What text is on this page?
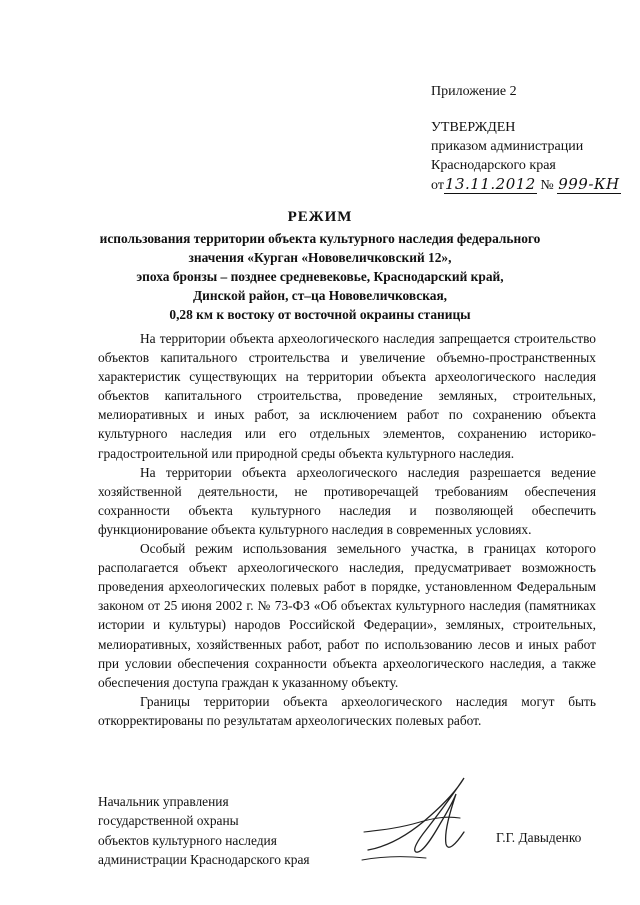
Приложение 2
УТВЕРЖДЕН
приказом администрации
Краснодарского края
от13.11.2012 № 999-КН
РЕЖИМ
использования территории объекта культурного наследия федерального
значения «Курган «Нововеличковский 12»,
эпоха бронзы – позднее средневековье, Краснодарский край,
Динской район, ст–ца Нововеличковская,
0,28 км к востоку от восточной окраины станицы

На территории объекта археологического наследия запрещается строительство объектов капитального строительства и увеличение объемно-пространственных характеристик существующих на территории объекта археологического наследия объектов капитального строительства, проведение земляных, строительных, мелиоративных и иных работ, за исключением работ по сохранению объекта культурного наследия или его отдельных элементов, сохранению историко-градостроительной или природной среды объекта культурного наследия.

На территории объекта археологического наследия разрешается ведение хозяйственной деятельности, не противоречащей требованиям обеспечения сохранности объекта культурного наследия и позволяющей обеспечить функционирование объекта культурного наследия в современных условиях.

Особый режим использования земельного участка, в границах которого располагается объект археологического наследия, предусматривает возможность проведения археологических полевых работ в порядке, установленном Федеральным законом от 25 июня 2002 г. № 73-ФЗ «Об объектах культурного наследия (памятниках истории и культуры) народов Российской Федерации», земляных, строительных, мелиоративных, хозяйственных работ, работ по использованию лесов и иных работ при условии обеспечения сохранности объекта археологического наследия, а также обеспечения доступа граждан к указанному объекту.

Границы территории объекта археологического наследия могут быть откорректированы по результатам археологических полевых работ.

Начальник управления
государственной охраны
объектов культурного наследия
администрации Краснодарского края
Г.Г. Давыденко
